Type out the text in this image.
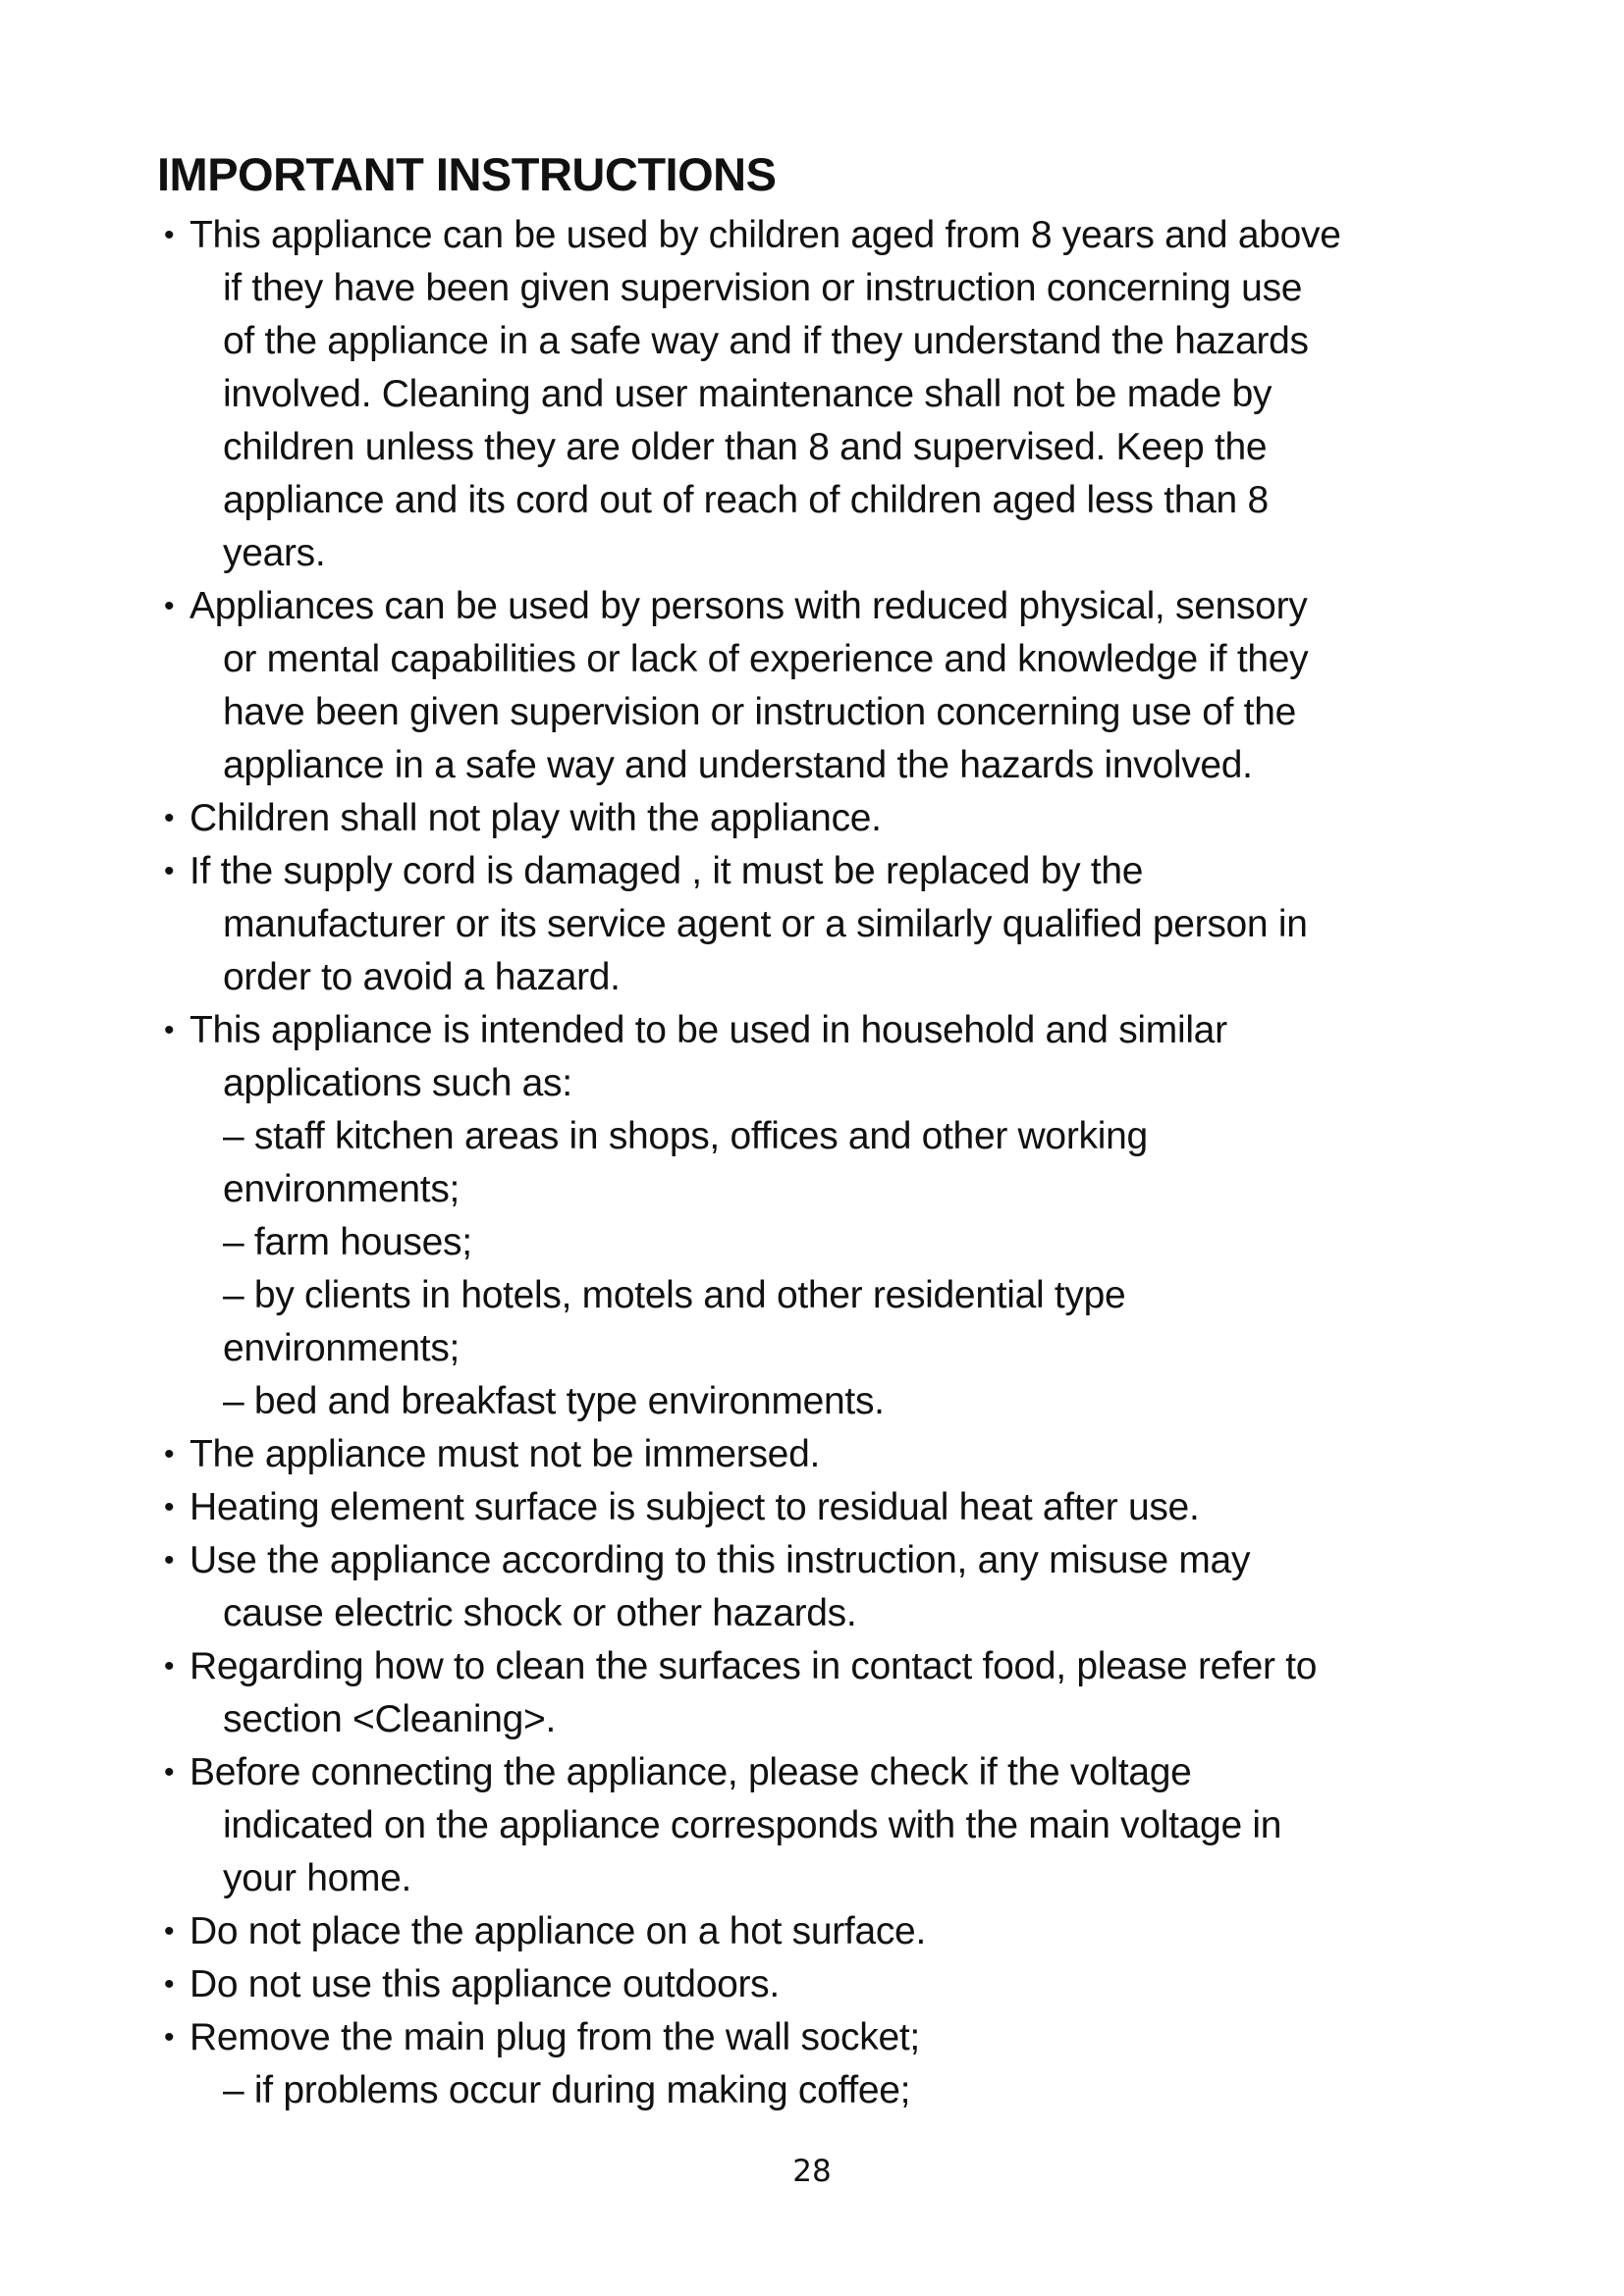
IMPORTANT INSTRUCTIONS
• This appliance can be used by children aged from 8 years and above
if they have been given supervision or instruction concerning use
of the appliance in a safe way and if they understand the hazards
involved. Cleaning and user maintenance shall not be made by
children unless they are older than 8 and supervised. Keep the
appliance and its cord out of reach of children aged less than 8
years.
• Appliances can be used by persons with reduced physical, sensory
or mental capabilities or lack of experience and knowledge if they
have been given supervision or instruction concerning use of the
appliance in a safe way and understand the hazards involved.
• Children shall not play with the appliance.
• If the supply cord is damaged , it must be replaced by the
manufacturer or its service agent or a similarly qualified person in
order to avoid a hazard.
• This appliance is intended to be used in household and similar
applications such as:
– staff kitchen areas in shops, offices and other working
environments;
– farm houses;
– by clients in hotels, motels and other residential type
environments;
– bed and breakfast type environments.
• The appliance must not be immersed.
• Heating element surface is subject to residual heat after use.
• Use the appliance according to this instruction, any misuse may
cause electric shock or other hazards.
• Regarding how to clean the surfaces in contact food, please refer to
section <Cleaning>.
• Before connecting the appliance, please check if the voltage
indicated on the appliance corresponds with the main voltage in
your home.
• Do not place the appliance on a hot surface.
• Do not use this appliance outdoors.
• Remove the main plug from the wall socket;
– if problems occur during making coffee;
28
